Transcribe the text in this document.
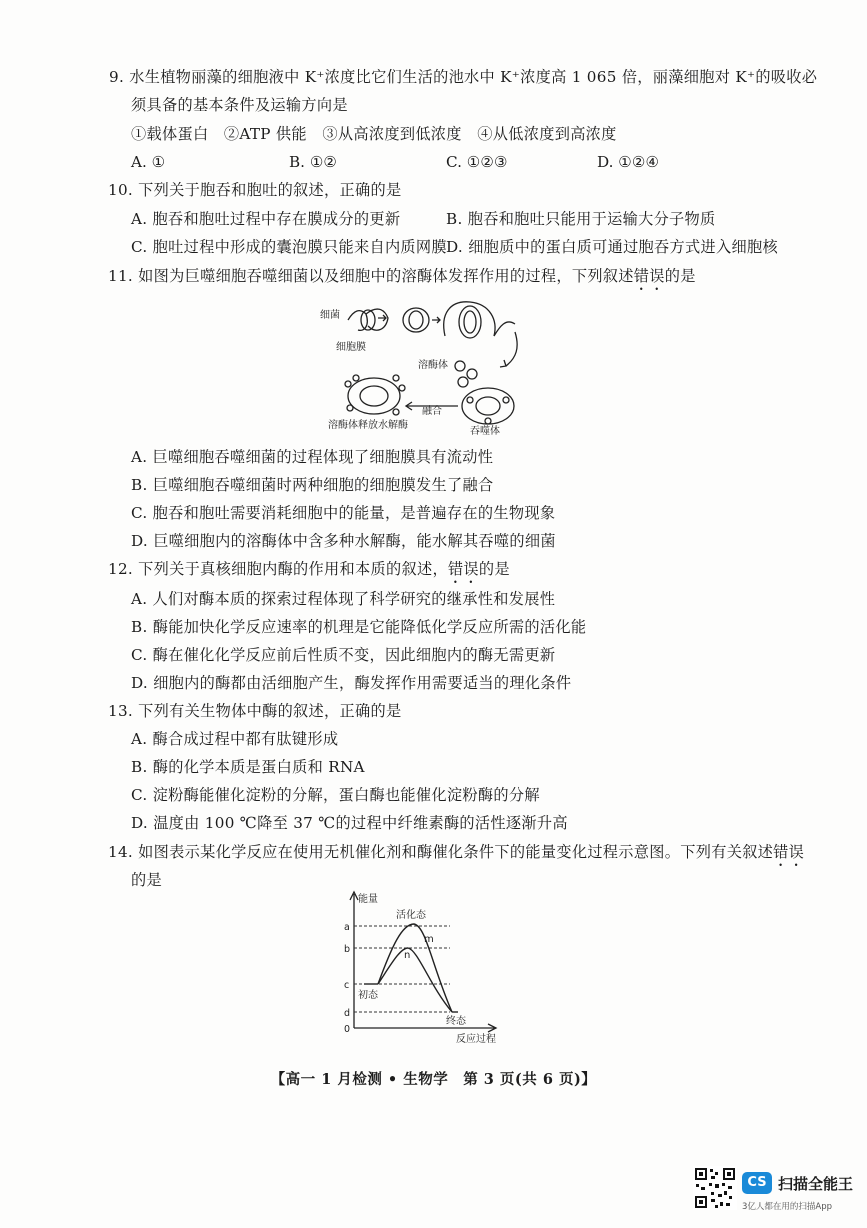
9. 水生植物丽藻的细胞液中 K⁺浓度比它们生活的池水中 K⁺浓度高 1 065 倍，丽藻细胞对 K⁺的吸收必
须具备的基本条件及运输方向是
①载体蛋白　②ATP 供能　③从高浓度到低浓度　④从低浓度到高浓度
A. ①	B. ①②	C. ①②③	D. ①②④
10. 下列关于胞吞和胞吐的叙述，正确的是
A. 胞吞和胞吐过程中存在膜成分的更新	B. 胞吞和胞吐只能用于运输大分子物质
C. 胞吐过程中形成的囊泡膜只能来自内质网膜 D. 细胞质中的蛋白质可通过胞吞方式进入细胞核
11. 如图为巨噬细胞吞噬细菌以及细胞中的溶酶体发挥作用的过程，下列叙述错误的是
细菌
细胞膜
溶酶体
融合
吞噬体
溶酶体释放水解酶
A. 巨噬细胞吞噬细菌的过程体现了细胞膜具有流动性
B. 巨噬细胞吞噬细菌时两种细胞的细胞膜发生了融合
C. 胞吞和胞吐需要消耗细胞中的能量，是普遍存在的生物现象
D. 巨噬细胞内的溶酶体中含多种水解酶，能水解其吞噬的细菌
12. 下列关于真核细胞内酶的作用和本质的叙述，错误的是
A. 人们对酶本质的探索过程体现了科学研究的继承性和发展性
B. 酶能加快化学反应速率的机理是它能降低化学反应所需的活化能
C. 酶在催化化学反应前后性质不变，因此细胞内的酶无需更新
D. 细胞内的酶都由活细胞产生，酶发挥作用需要适当的理化条件
13. 下列有关生物体中酶的叙述，正确的是
A. 酶合成过程中都有肽键形成
B. 酶的化学本质是蛋白质和 RNA
C. 淀粉酶能催化淀粉的分解，蛋白酶也能催化淀粉酶的分解
D. 温度由 100 ℃降至 37 ℃的过程中纤维素酶的活性逐渐升高
14. 如图表示某化学反应在使用无机催化剂和酶催化条件下的能量变化过程示意图。下列有关叙述错误
的是
能量
反应过程
a
b
c
d
0
活化态
m
n
初态
终态
【高一 1 月检测 • 生物学　第 3 页(共 6 页)】
CS 扫描全能王
3亿人都在用的扫描App
